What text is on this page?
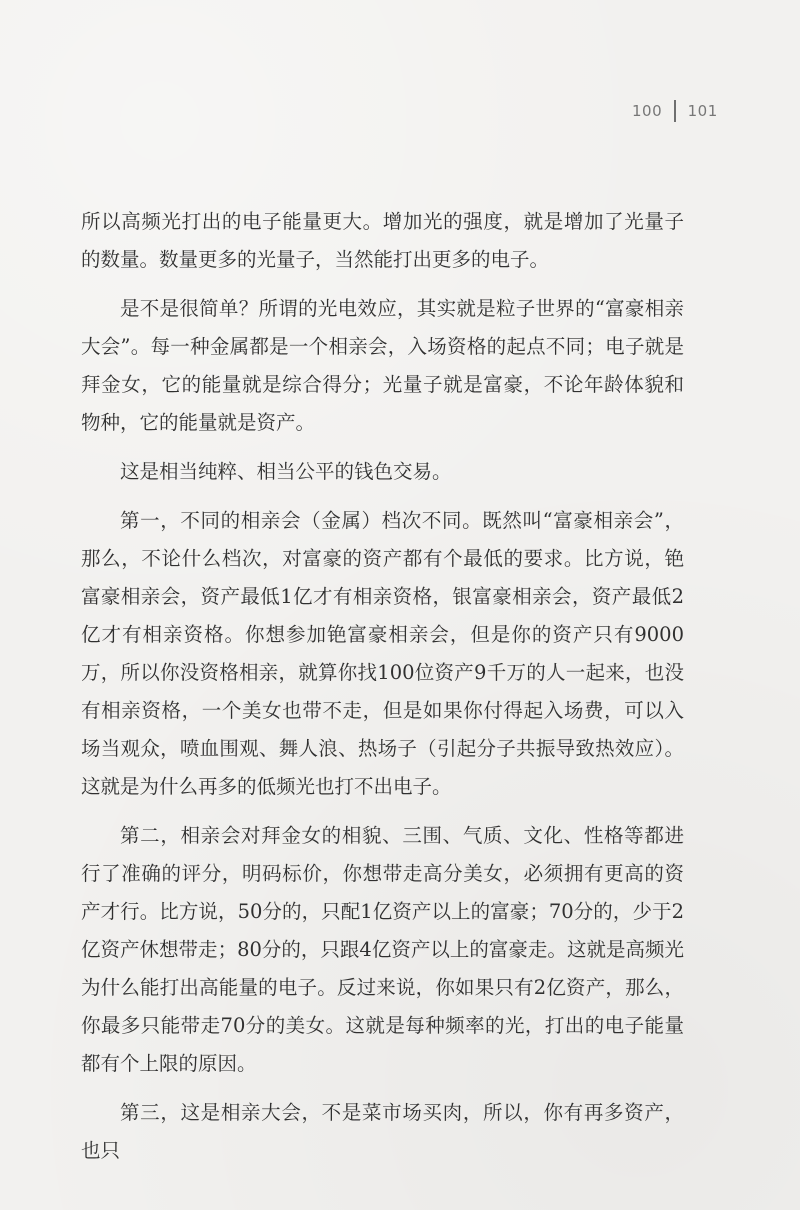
100 101

所以高频光打出的电子能量更大。增加光的强度，就是增加了光量子的数量。数量更多的光量子，当然能打出更多的电子。

是不是很简单？所谓的光电效应，其实就是粒子世界的“富豪相亲大会”。每一种金属都是一个相亲会，入场资格的起点不同；电子就是拜金女，它的能量就是综合得分；光量子就是富豪，不论年龄体貌和物种，它的能量就是资产。

这是相当纯粹、相当公平的钱色交易。

第一，不同的相亲会（金属）档次不同。既然叫“富豪相亲会”，那么，不论什么档次，对富豪的资产都有个最低的要求。比方说，铯富豪相亲会，资产最低1亿才有相亲资格，银富豪相亲会，资产最低2亿才有相亲资格。你想参加铯富豪相亲会，但是你的资产只有9000万，所以你没资格相亲，就算你找100位资产9千万的人一起来，也没有相亲资格，一个美女也带不走，但是如果你付得起入场费，可以入场当观众，喷血围观、舞人浪、热场子（引起分子共振导致热效应）。这就是为什么再多的低频光也打不出电子。

第二，相亲会对拜金女的相貌、三围、气质、文化、性格等都进行了准确的评分，明码标价，你想带走高分美女，必须拥有更高的资产才行。比方说，50分的，只配1亿资产以上的富豪；70分的，少于2亿资产休想带走；80分的，只跟4亿资产以上的富豪走。这就是高频光为什么能打出高能量的电子。反过来说，你如果只有2亿资产，那么，你最多只能带走70分的美女。这就是每种频率的光，打出的电子能量都有个上限的原因。

第三，这是相亲大会，不是菜市场买肉，所以，你有再多资产，也只
